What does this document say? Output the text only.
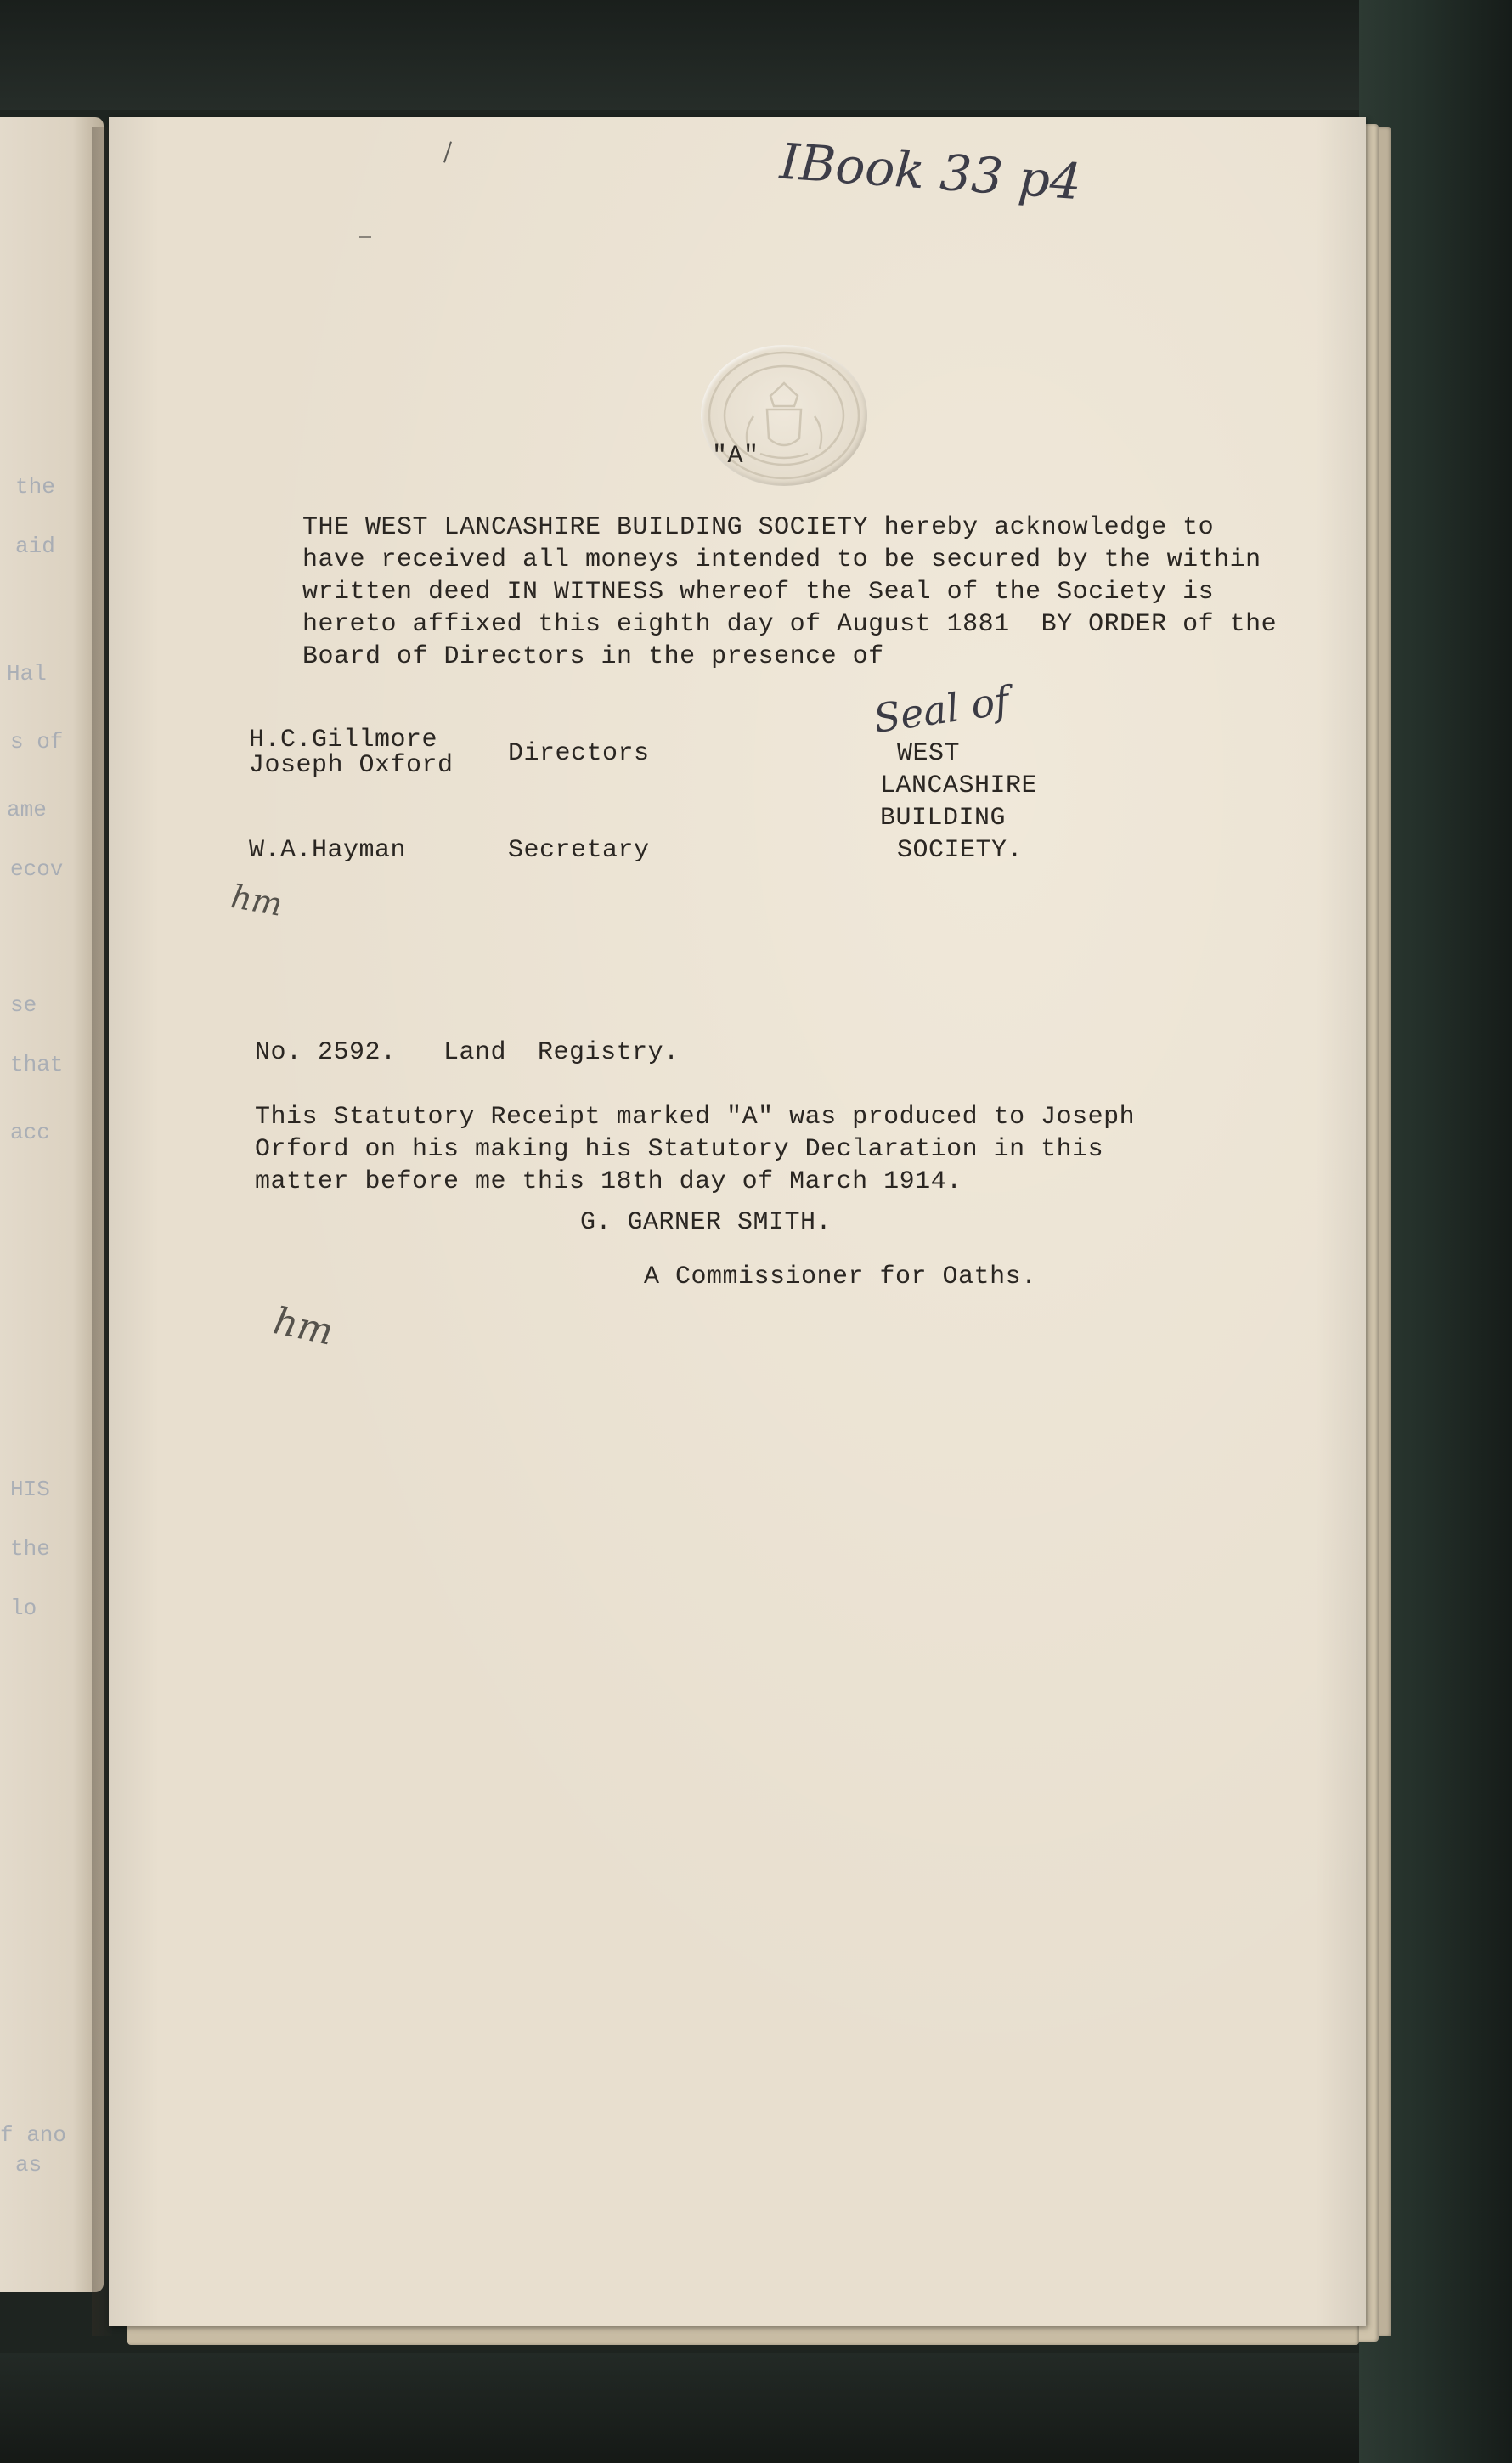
the
aid
Hal
s of
ame
ecov
se
that
acc
HIS
the
lo
f ano
as
IBook 33 p4
"A"
THE WEST LANCASHIRE BUILDING SOCIETY hereby acknowledge to
have received all moneys intended to be secured by the within
written deed IN WITNESS whereof the Seal of the Society is
hereto affixed this eighth day of August 1881  BY ORDER of the
Board of Directors in the presence of
H.C.Gillmore
Joseph Oxford Directors
W.A.Hayman	Secretary
Seal of
WEST
LANCASHIRE
BUILDING
SOCIETY.
hm
No. 2592.   Land  Registry.
This Statutory Receipt marked "A" was produced to Joseph
Orford on his making his Statutory Declaration in this
matter before me this 18th day of March 1914.
G. GARNER SMITH.
A Commissioner for Oaths.
hm
